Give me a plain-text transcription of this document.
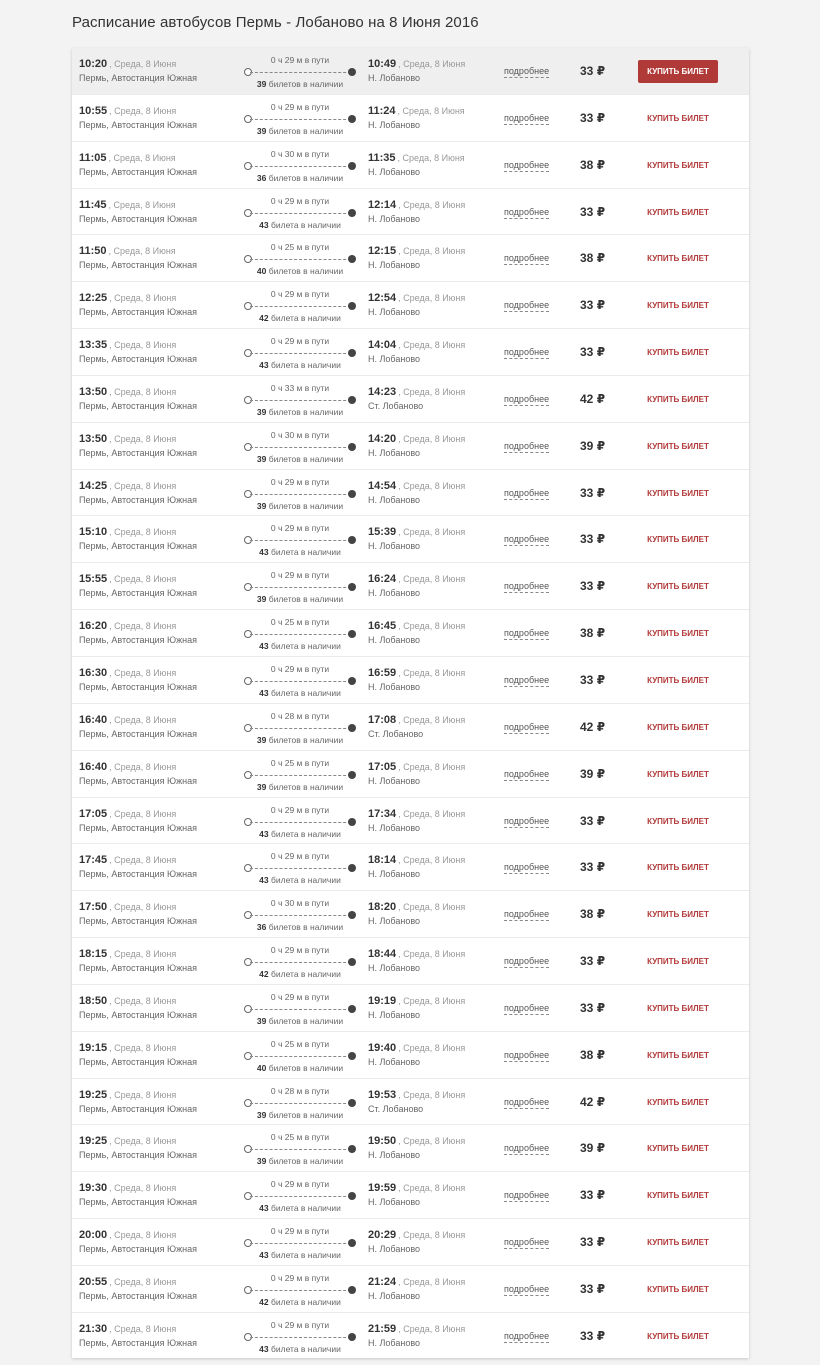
Расписание автобусов Пермь - Лобаново на 8 Июня 2016
10:20 , Среда, 8 Июня
Пермь, Автостанция Южная
0 ч 29 м в пути
39 билетов в наличии
10:49 , Среда, 8 Июня
Н. Лобаново
подробнее	33 ₽	КУПИТЬ БИЛЕТ
10:55 , Среда, 8 Июня
Пермь, Автостанция Южная
0 ч 29 м в пути
39 билетов в наличии
11:24 , Среда, 8 Июня
Н. Лобаново
подробнее	33 ₽	КУПИТЬ БИЛЕТ
11:05 , Среда, 8 Июня
Пермь, Автостанция Южная
0 ч 30 м в пути
36 билетов в наличии
11:35 , Среда, 8 Июня
Н. Лобаново
подробнее	38 ₽	КУПИТЬ БИЛЕТ
11:45 , Среда, 8 Июня
Пермь, Автостанция Южная
0 ч 29 м в пути
43 билета в наличии
12:14 , Среда, 8 Июня
Н. Лобаново
подробнее	33 ₽	КУПИТЬ БИЛЕТ
11:50 , Среда, 8 Июня
Пермь, Автостанция Южная
0 ч 25 м в пути
40 билетов в наличии
12:15 , Среда, 8 Июня
Н. Лобаново
подробнее	38 ₽	КУПИТЬ БИЛЕТ
12:25 , Среда, 8 Июня
Пермь, Автостанция Южная
0 ч 29 м в пути
42 билета в наличии
12:54 , Среда, 8 Июня
Н. Лобаново
подробнее	33 ₽	КУПИТЬ БИЛЕТ
13:35 , Среда, 8 Июня
Пермь, Автостанция Южная
0 ч 29 м в пути
43 билета в наличии
14:04 , Среда, 8 Июня
Н. Лобаново
подробнее	33 ₽	КУПИТЬ БИЛЕТ
13:50 , Среда, 8 Июня
Пермь, Автостанция Южная
0 ч 33 м в пути
39 билетов в наличии
14:23 , Среда, 8 Июня
Ст. Лобаново
подробнее	42 ₽	КУПИТЬ БИЛЕТ
13:50 , Среда, 8 Июня
Пермь, Автостанция Южная
0 ч 30 м в пути
39 билетов в наличии
14:20 , Среда, 8 Июня
Н. Лобаново
подробнее	39 ₽	КУПИТЬ БИЛЕТ
14:25 , Среда, 8 Июня
Пермь, Автостанция Южная
0 ч 29 м в пути
39 билетов в наличии
14:54 , Среда, 8 Июня
Н. Лобаново
подробнее	33 ₽	КУПИТЬ БИЛЕТ
15:10 , Среда, 8 Июня
Пермь, Автостанция Южная
0 ч 29 м в пути
43 билета в наличии
15:39 , Среда, 8 Июня
Н. Лобаново
подробнее	33 ₽	КУПИТЬ БИЛЕТ
15:55 , Среда, 8 Июня
Пермь, Автостанция Южная
0 ч 29 м в пути
39 билетов в наличии
16:24 , Среда, 8 Июня
Н. Лобаново
подробнее	33 ₽	КУПИТЬ БИЛЕТ
16:20 , Среда, 8 Июня
Пермь, Автостанция Южная
0 ч 25 м в пути
43 билета в наличии
16:45 , Среда, 8 Июня
Н. Лобаново
подробнее	38 ₽	КУПИТЬ БИЛЕТ
16:30 , Среда, 8 Июня
Пермь, Автостанция Южная
0 ч 29 м в пути
43 билета в наличии
16:59 , Среда, 8 Июня
Н. Лобаново
подробнее	33 ₽	КУПИТЬ БИЛЕТ
16:40 , Среда, 8 Июня
Пермь, Автостанция Южная
0 ч 28 м в пути
39 билетов в наличии
17:08 , Среда, 8 Июня
Ст. Лобаново
подробнее	42 ₽	КУПИТЬ БИЛЕТ
16:40 , Среда, 8 Июня
Пермь, Автостанция Южная
0 ч 25 м в пути
39 билетов в наличии
17:05 , Среда, 8 Июня
Н. Лобаново
подробнее	39 ₽	КУПИТЬ БИЛЕТ
17:05 , Среда, 8 Июня
Пермь, Автостанция Южная
0 ч 29 м в пути
43 билета в наличии
17:34 , Среда, 8 Июня
Н. Лобаново
подробнее	33 ₽	КУПИТЬ БИЛЕТ
17:45 , Среда, 8 Июня
Пермь, Автостанция Южная
0 ч 29 м в пути
43 билета в наличии
18:14 , Среда, 8 Июня
Н. Лобаново
подробнее	33 ₽	КУПИТЬ БИЛЕТ
17:50 , Среда, 8 Июня
Пермь, Автостанция Южная
0 ч 30 м в пути
36 билетов в наличии
18:20 , Среда, 8 Июня
Н. Лобаново
подробнее	38 ₽	КУПИТЬ БИЛЕТ
18:15 , Среда, 8 Июня
Пермь, Автостанция Южная
0 ч 29 м в пути
42 билета в наличии
18:44 , Среда, 8 Июня
Н. Лобаново
подробнее	33 ₽	КУПИТЬ БИЛЕТ
18:50 , Среда, 8 Июня
Пермь, Автостанция Южная
0 ч 29 м в пути
39 билетов в наличии
19:19 , Среда, 8 Июня
Н. Лобаново
подробнее	33 ₽	КУПИТЬ БИЛЕТ
19:15 , Среда, 8 Июня
Пермь, Автостанция Южная
0 ч 25 м в пути
40 билетов в наличии
19:40 , Среда, 8 Июня
Н. Лобаново
подробнее	38 ₽	КУПИТЬ БИЛЕТ
19:25 , Среда, 8 Июня
Пермь, Автостанция Южная
0 ч 28 м в пути
39 билетов в наличии
19:53 , Среда, 8 Июня
Ст. Лобаново
подробнее	42 ₽	КУПИТЬ БИЛЕТ
19:25 , Среда, 8 Июня
Пермь, Автостанция Южная
0 ч 25 м в пути
39 билетов в наличии
19:50 , Среда, 8 Июня
Н. Лобаново
подробнее	39 ₽	КУПИТЬ БИЛЕТ
19:30 , Среда, 8 Июня
Пермь, Автостанция Южная
0 ч 29 м в пути
43 билета в наличии
19:59 , Среда, 8 Июня
Н. Лобаново
подробнее	33 ₽	КУПИТЬ БИЛЕТ
20:00 , Среда, 8 Июня
Пермь, Автостанция Южная
0 ч 29 м в пути
43 билета в наличии
20:29 , Среда, 8 Июня
Н. Лобаново
подробнее	33 ₽	КУПИТЬ БИЛЕТ
20:55 , Среда, 8 Июня
Пермь, Автостанция Южная
0 ч 29 м в пути
42 билета в наличии
21:24 , Среда, 8 Июня
Н. Лобаново
подробнее	33 ₽	КУПИТЬ БИЛЕТ
21:30 , Среда, 8 Июня
Пермь, Автостанция Южная
0 ч 29 м в пути
43 билета в наличии
21:59 , Среда, 8 Июня
Н. Лобаново
подробнее	33 ₽	КУПИТЬ БИЛЕТ
